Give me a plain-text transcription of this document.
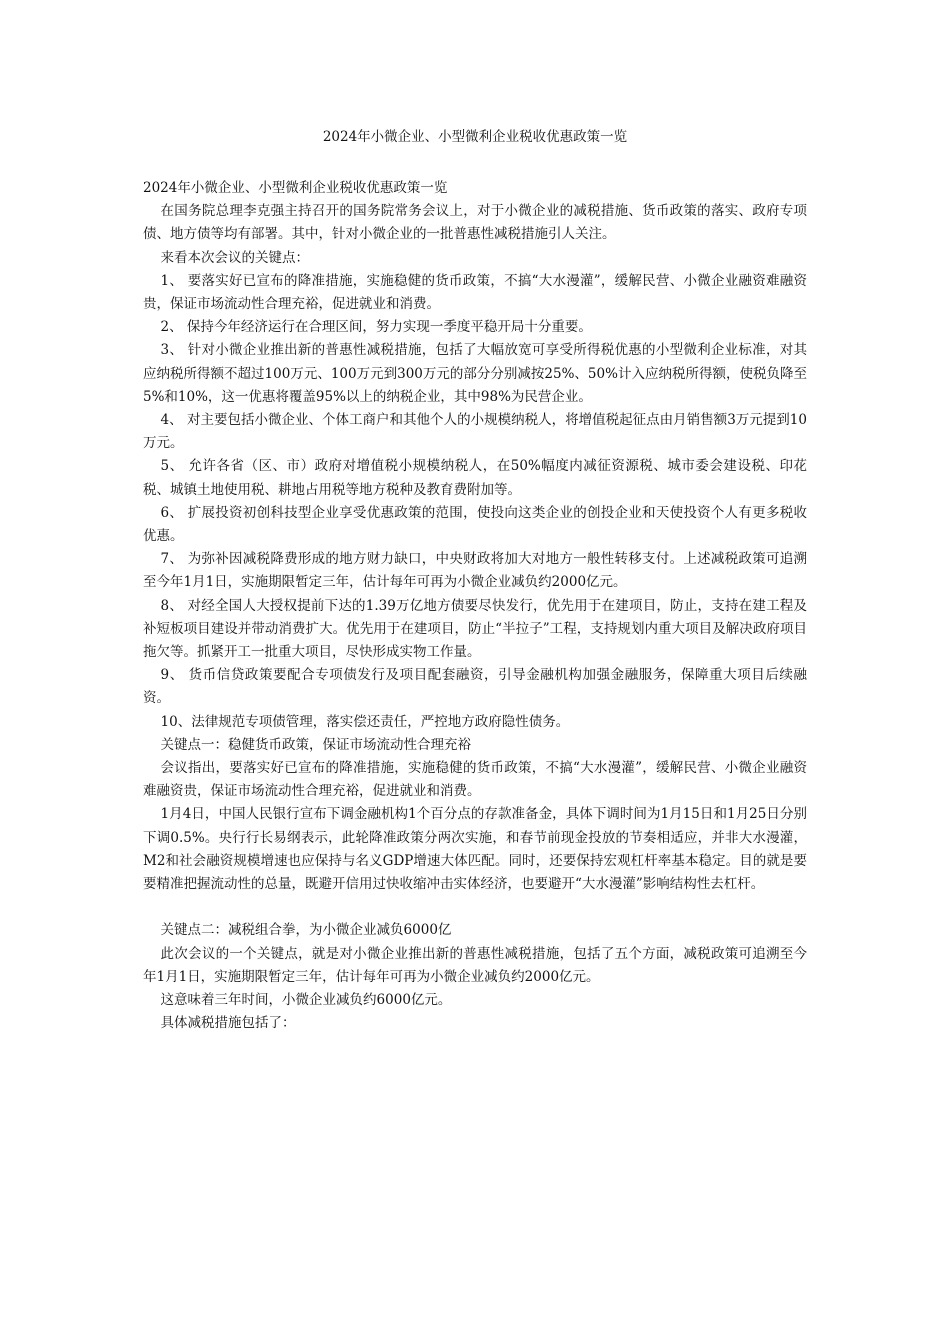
2024年小微企业、小型微利企业税收优惠政策一览

2024年小微企业、小型微利企业税收优惠政策一览

在国务院总理李克强主持召开的国务院常务会议上，对于小微企业的减税措施、货币政策的落实、政府专项债、地方债等均有部署。其中，针对小微企业的一批普惠性减税措施引人关注。

来看本次会议的关键点：

1、 要落实好已宣布的降准措施，实施稳健的货币政策，不搞“大水漫灌”，缓解民营、小微企业融资难融资贵，保证市场流动性合理充裕，促进就业和消费。

2、 保持今年经济运行在合理区间，努力实现一季度平稳开局十分重要。

3、 针对小微企业推出新的普惠性减税措施，包括了大幅放宽可享受所得税优惠的小型微利企业标准，对其应纳税所得额不超过100万元、100万元到300万元的部分分别减按25%、50%计入应纳税所得额，使税负降至5%和10%，这一优惠将覆盖95%以上的纳税企业，其中98%为民营企业。

4、 对主要包括小微企业、个体工商户和其他个人的小规模纳税人，将增值税起征点由月销售额3万元提到10万元。

5、 允许各省（区、市）政府对增值税小规模纳税人，在50%幅度内减征资源税、城市委会建设税、印花税、城镇土地使用税、耕地占用税等地方税种及教育费附加等。

6、 扩展投资初创科技型企业享受优惠政策的范围，使投向这类企业的创投企业和天使投资个人有更多税收优惠。

7、 为弥补因减税降费形成的地方财力缺口，中央财政将加大对地方一般性转移支付。上述减税政策可追溯至今年1月1日，实施期限暂定三年，估计每年可再为小微企业减负约2000亿元。

8、 对经全国人大授权提前下达的1.39万亿地方债要尽快发行，优先用于在建项目，防止，支持在建工程及补短板项目建设并带动消费扩大。优先用于在建项目，防止“半拉子”工程，支持规划内重大项目及解决政府项目拖欠等。抓紧开工一批重大项目，尽快形成实物工作量。

9、 货币信贷政策要配合专项债发行及项目配套融资，引导金融机构加强金融服务，保障重大项目后续融资。

10、法律规范专项债管理，落实偿还责任，严控地方政府隐性债务。

关键点一：稳健货币政策，保证市场流动性合理充裕

会议指出，要落实好已宣布的降准措施，实施稳健的货币政策，不搞“大水漫灌”，缓解民营、小微企业融资难融资贵，保证市场流动性合理充裕，促进就业和消费。

1月4日，中国人民银行宣布下调金融机构1个百分点的存款准备金，具体下调时间为1月15日和1月25日分别下调0.5%。央行行长易纲表示，此轮降准政策分两次实施，和春节前现金投放的节奏相适应，并非大水漫灌，M2和社会融资规模增速也应保持与名义GDP增速大体匹配。同时，还要保持宏观杠杆率基本稳定。目的就是要要精准把握流动性的总量，既避开信用过快收缩冲击实体经济，也要避开“大水漫灌”影响结构性去杠杆。

关键点二：减税组合拳，为小微企业减负6000亿

此次会议的一个关键点，就是对小微企业推出新的普惠性减税措施，包括了五个方面，减税政策可追溯至今年1月1日，实施期限暂定三年，估计每年可再为小微企业减负约2000亿元。

这意味着三年时间，小微企业减负约6000亿元。

具体减税措施包括了：
